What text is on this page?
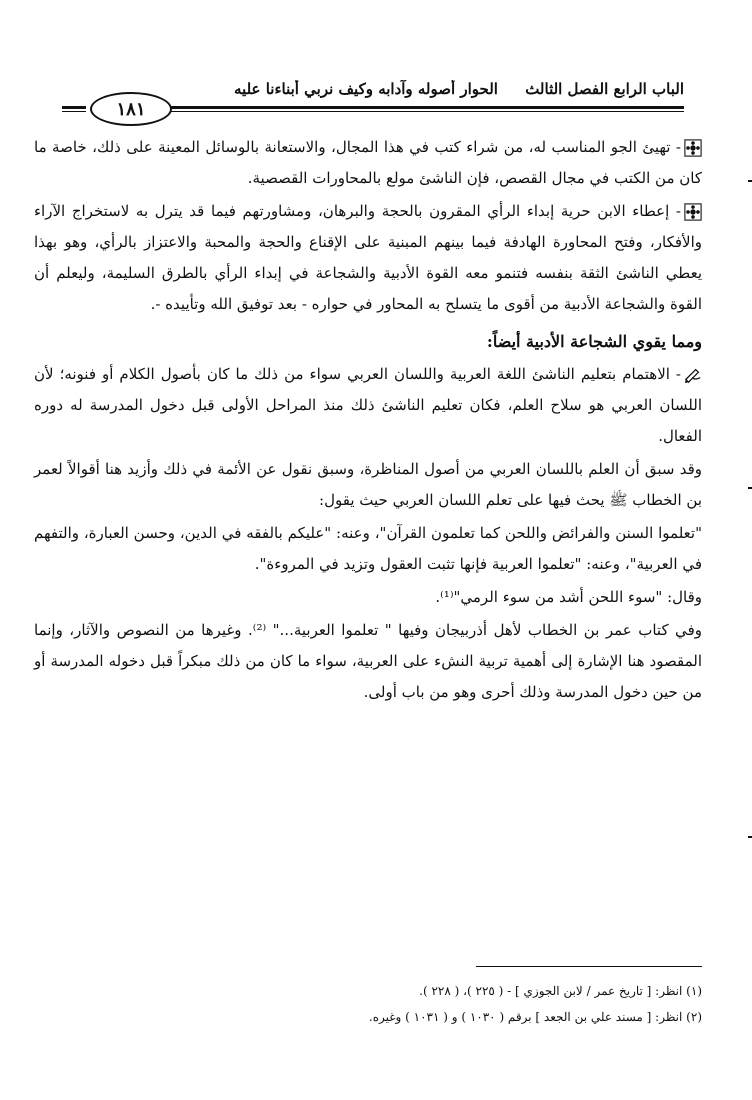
الباب الرابع الفصل الثالث الحوار أصوله وآدابه وكيف نربي أبناءنا عليه
١٨١

- تهيئ الجو المناسب له، من شراء كتب في هذا المجال، والاستعانة بالوسائل المعينة على ذلك، خاصة ما كان من الكتب في مجال القصص، فإن الناشئ مولع بالمحاورات القصصية.

- إعطاء الابن حرية إبداء الرأي المقرون بالحجة والبرهان، ومشاورتهم فيما قد يترل به لاستخراج الآراء والأفكار، وفتح المحاورة الهادفة فيما بينهم المبنية على الإقناع والحجة والمحبة والاعتزاز بالرأي، وهو بهذا يعطي الناشئ الثقة بنفسه فتنمو معه القوة الأدبية والشجاعة في إبداء الرأي بالطرق السليمة، وليعلم أن القوة والشجاعة الأدبية من أقوى ما يتسلح به المحاور في حواره - بعد توفيق الله وتأييده -.

ومما يقوي الشجاعة الأدبية أيضاً:

- الاهتمام بتعليم الناشئ اللغة العربية واللسان العربي سواء من ذلك ما كان بأصول الكلام أو فنونه؛ لأن اللسان العربي هو سلاح العلم، فكان تعليم الناشئ ذلك منذ المراحل الأولى قبل دخول المدرسة له دوره الفعال.

وقد سبق أن العلم باللسان العربي من أصول المناظرة، وسبق نقول عن الأئمة في ذلك وأزيد هنا أقوالاً لعمر بن الخطاب ﷺ يحث فيها على تعلم اللسان العربي حيث يقول:

"تعلموا السنن والفرائض واللحن كما تعلمون القرآن"، وعنه: "عليكم بالفقه في الدين، وحسن العبارة، والتفهم في العربية"، وعنه: "تعلموا العربية فإنها تثبت العقول وتزيد في المروءة".

وقال: "سوء اللحن أشد من سوء الرمي"⁽¹⁾.

وفي كتاب عمر بن الخطاب لأهل أذربيجان وفيها " تعلموا العربية..." ⁽²⁾. وغيرها من النصوص والآثار، وإنما المقصود هنا الإشارة إلى أهمية تربية النشء على العربية، سواء ما كان من ذلك مبكراً قبل دخوله المدرسة أو من حين دخول المدرسة وذلك أحرى وهو من باب أولى.

(١) انظر: [ تاريخ عمر / لابن الجوزي ] - ( ٢٢٥ )، ( ٢٢٨ ).
(٢) انظر: [ مسند علي بن الجعد ] برقم ( ١٠٣٠ ) و ( ١٠٣١ ) وغيره.
